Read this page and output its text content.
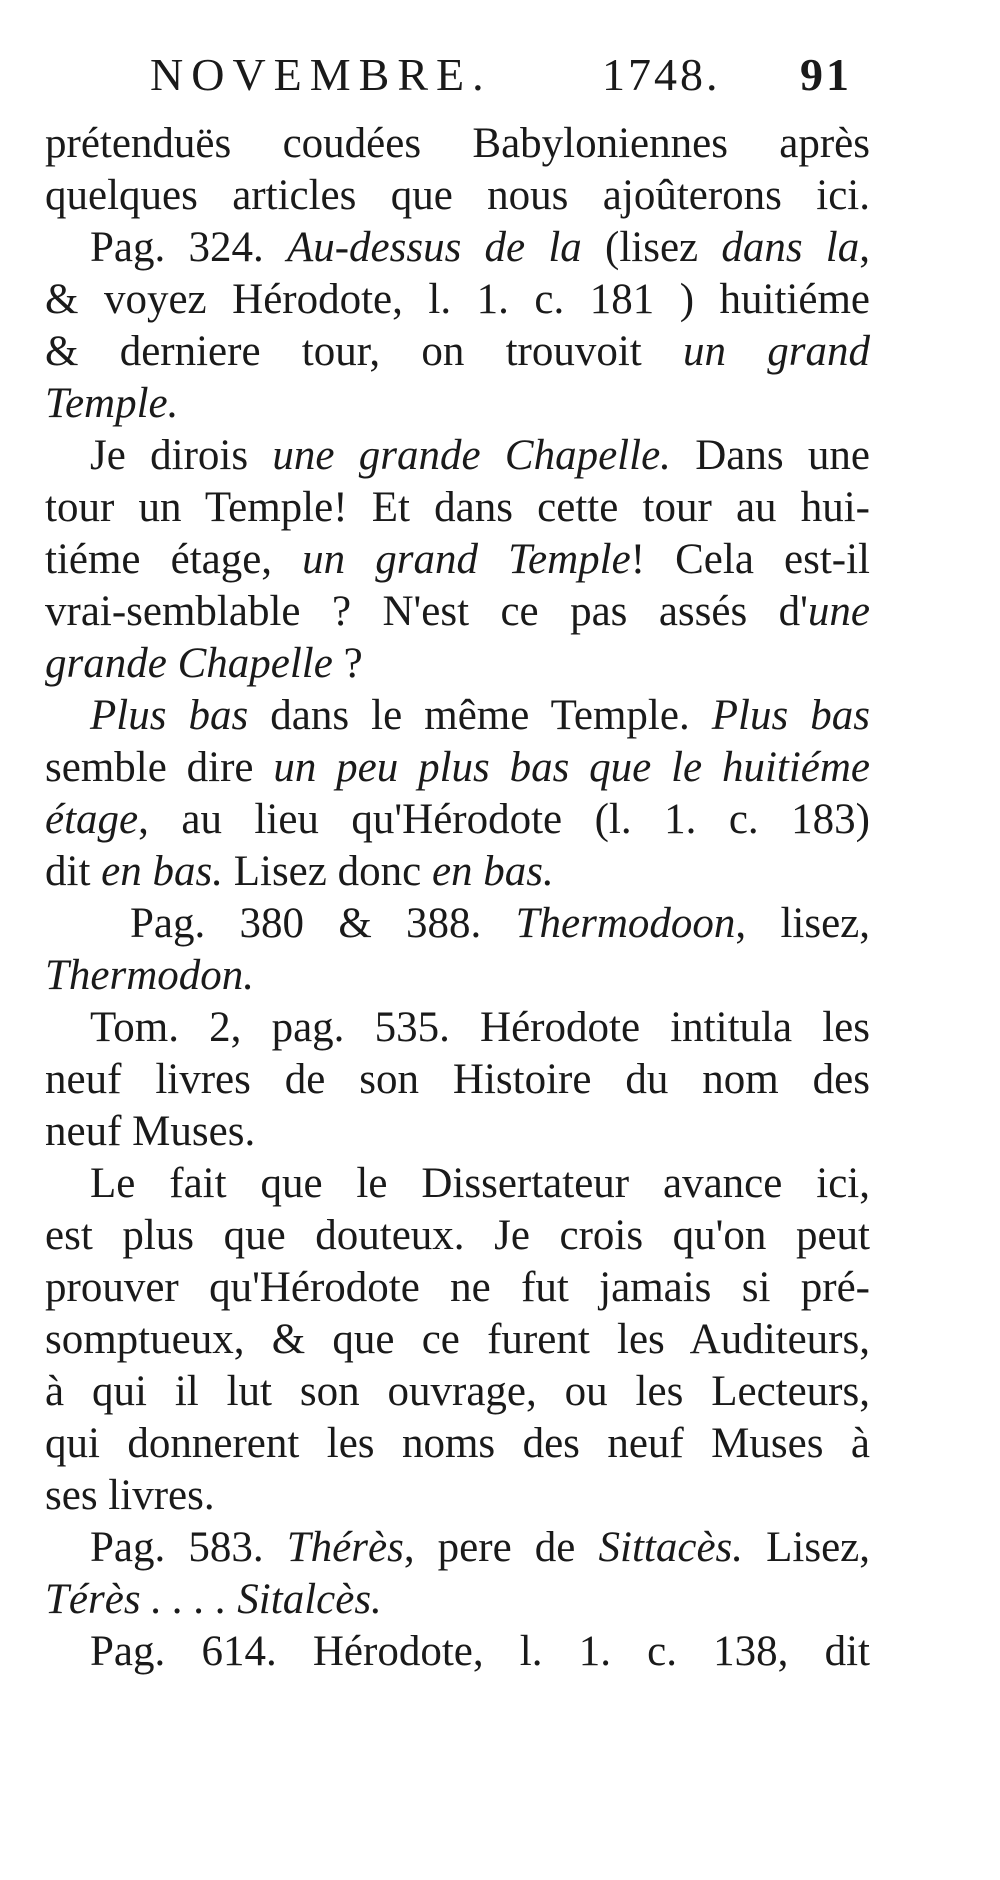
NOVEMBRE. 1748. 91
prétenduës coudées Babyloniennes après
quelques articles que nous ajoûterons ici.
Pag. 324. Au-dessus de la (lisez dans la,
& voyez Hérodote, l. 1. c. 181 ) huitiéme
& derniere tour, on trouvoit un grand
Temple.
Je dirois une grande Chapelle. Dans une
tour un Temple! Et dans cette tour au hui-
tiéme étage, un grand Temple! Cela est-il
vrai-semblable ? N'est ce pas assés d'une
grande Chapelle ?
Plus bas dans le même Temple. Plus bas
semble dire un peu plus bas que le huitiéme
étage, au lieu qu'Hérodote (l. 1. c. 183)
dit en bas. Lisez donc en bas.
Pag. 380 & 388. Thermodoon, lisez,
Thermodon.
Tom. 2, pag. 535. Hérodote intitula les
neuf livres de son Histoire du nom des
neuf Muses.
Le fait que le Dissertateur avance ici,
est plus que douteux. Je crois qu'on peut
prouver qu'Hérodote ne fut jamais si pré-
somptueux, & que ce furent les Auditeurs,
à qui il lut son ouvrage, ou les Lecteurs,
qui donnerent les noms des neuf Muses à
ses livres.
Pag. 583. Thérès, pere de Sittacès. Lisez,
Térès . . . . Sitalcès.
Pag. 614. Hérodote, l. 1. c. 138, dit
